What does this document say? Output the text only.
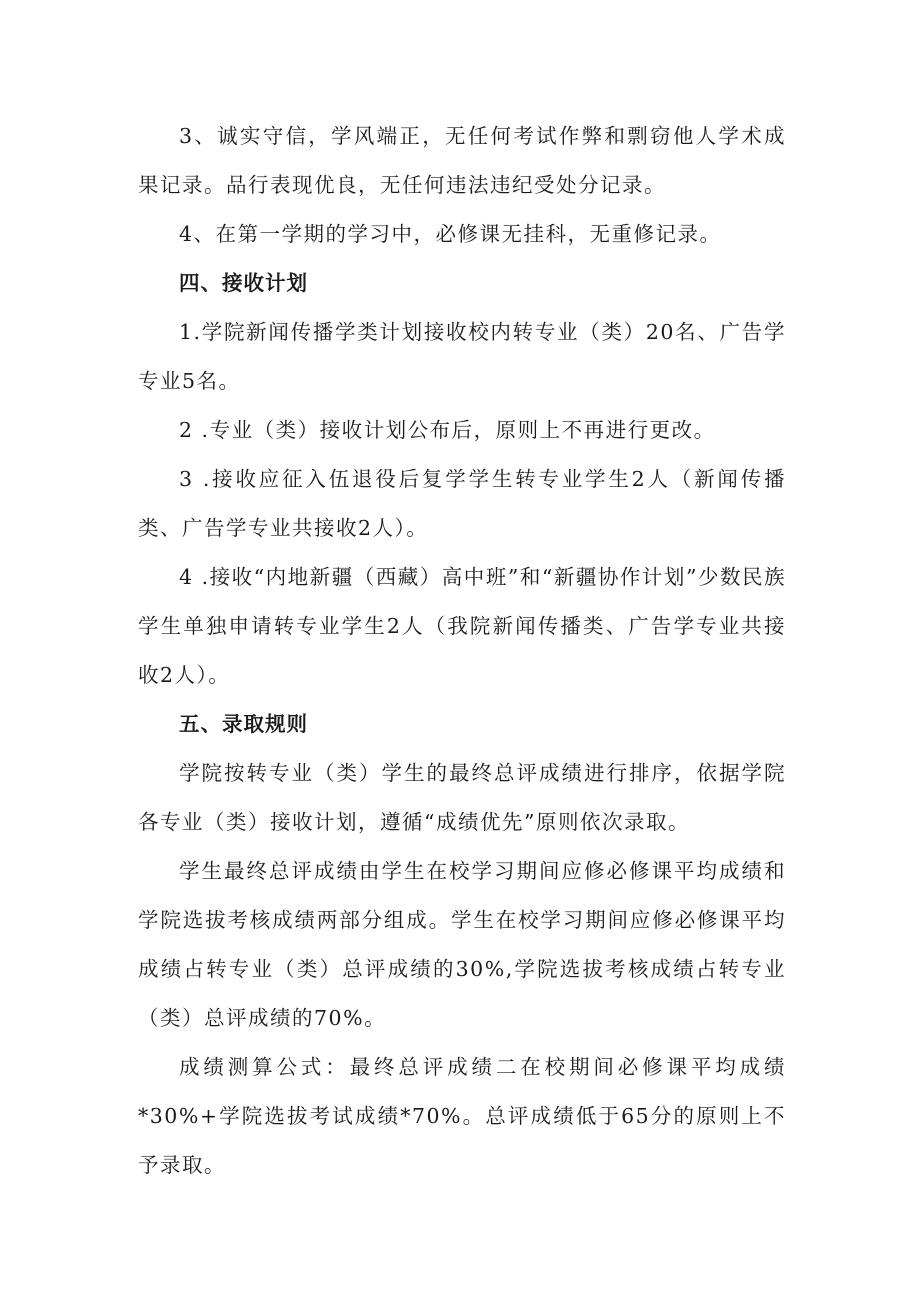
3、诚实守信，学风端正，无任何考试作弊和剽窃他人学术成果记录。品行表现优良，无任何违法违纪受处分记录。

4、在第一学期的学习中，必修课无挂科，无重修记录。

四、接收计划

1.学院新闻传播学类计划接收校内转专业（类）20名、广告学专业5名。

2 .专业（类）接收计划公布后，原则上不再进行更改。

3 .接收应征入伍退役后复学学生转专业学生2人（新闻传播类、广告学专业共接收2人）。

4 .接收“内地新疆（西藏）高中班”和“新疆协作计划”少数民族学生单独申请转专业学生2人（我院新闻传播类、广告学专业共接收2人）。

五、录取规则

学院按转专业（类）学生的最终总评成绩进行排序，依据学院各专业（类）接收计划，遵循“成绩优先”原则依次录取。

学生最终总评成绩由学生在校学习期间应修必修课平均成绩和学院选拔考核成绩两部分组成。学生在校学习期间应修必修课平均成绩占转专业（类）总评成绩的30%,学院选拔考核成绩占转专业（类）总评成绩的70%。

成绩测算公式：最终总评成绩二在校期间必修课平均成绩*30%+学院选拔考试成绩*70%。总评成绩低于65分的原则上不予录取。
